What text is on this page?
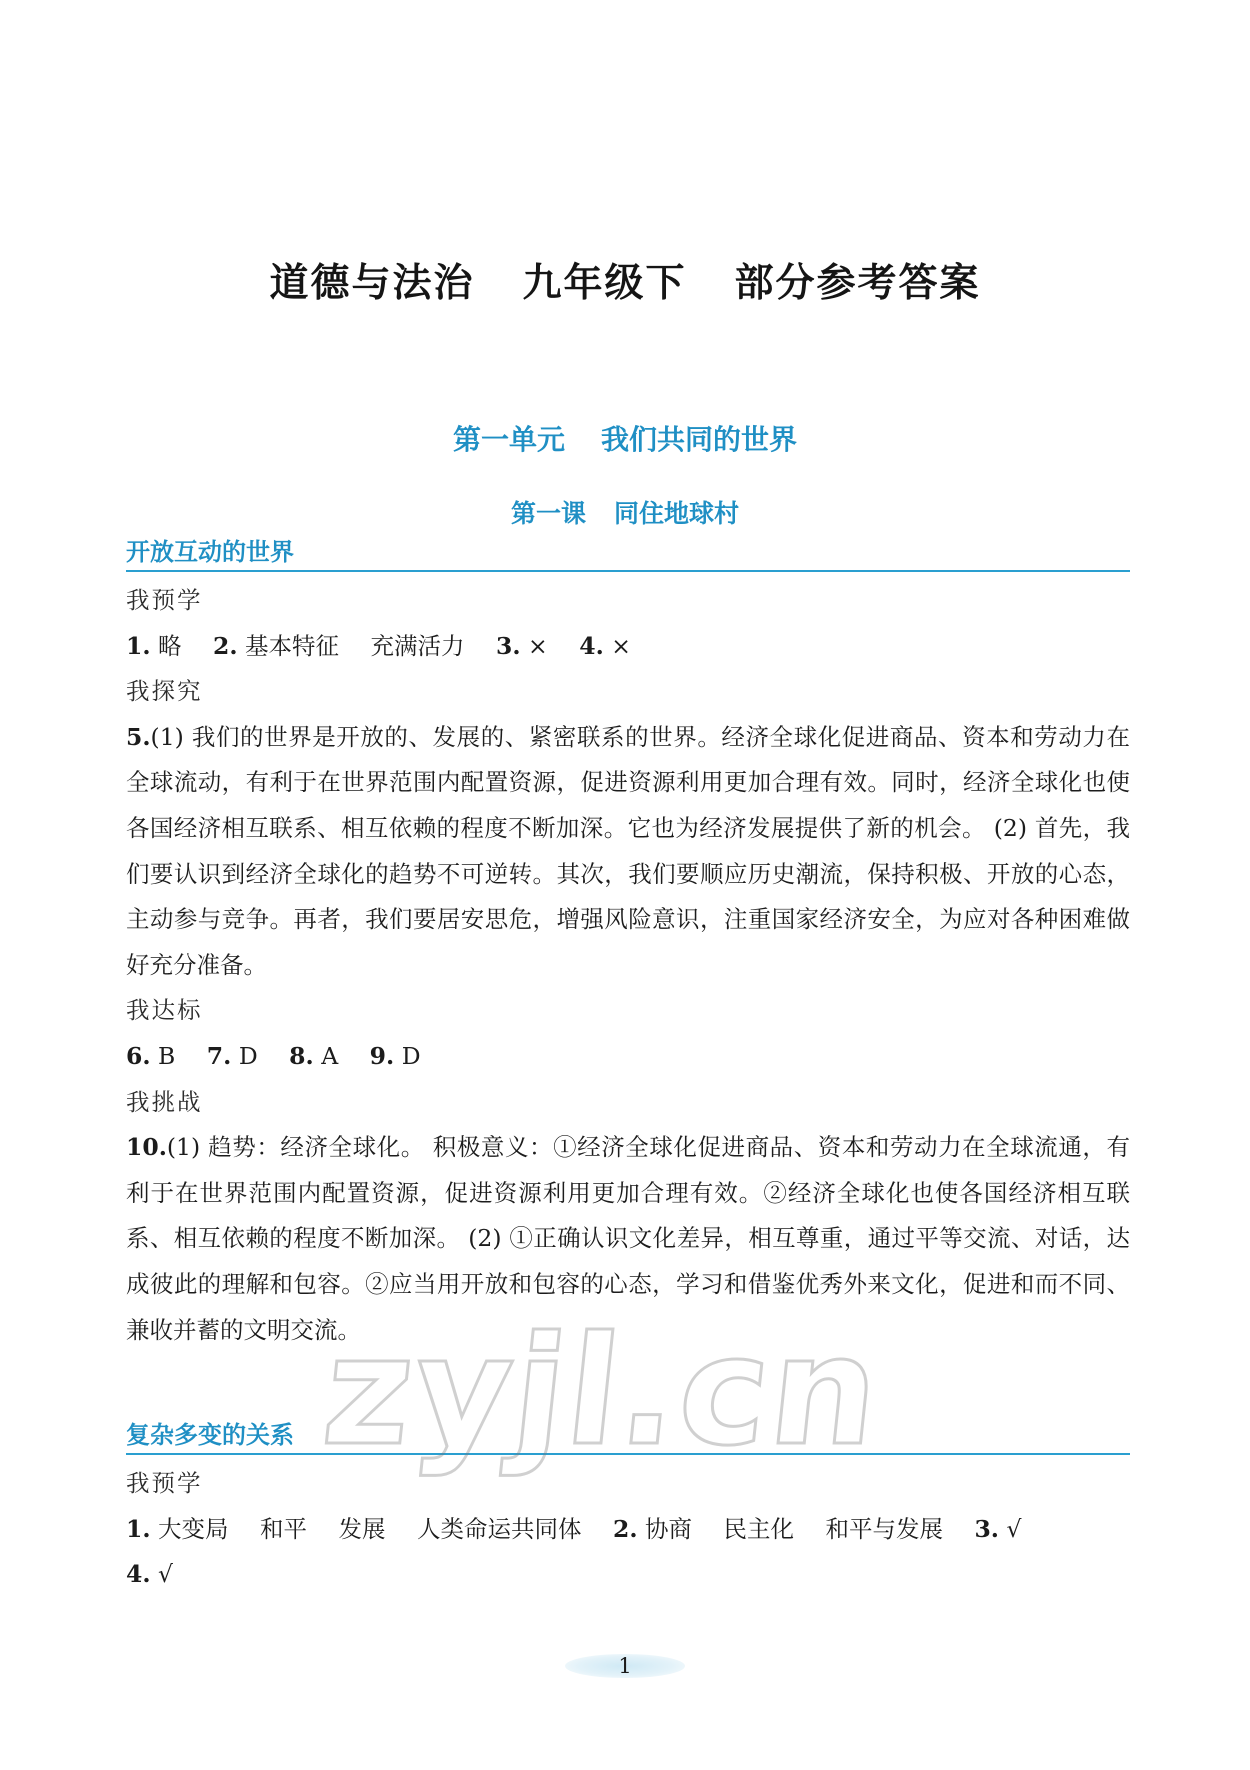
道德与法治 九年级下 部分参考答案
第一单元 我们共同的世界
第一课 同住地球村
开放互动的世界

我预学

1. 略 2. 基本特征 充满活力 3. × 4. ×

我探究

5.(1) 我们的世界是开放的、发展的、紧密联系的世界。经济全球化促进商品、资本和劳动力在全球流动，有利于在世界范围内配置资源，促进资源利用更加合理有效。同时，经济全球化也使各国经济相互联系、相互依赖的程度不断加深。它也为经济发展提供了新的机会。 (2) 首先，我们要认识到经济全球化的趋势不可逆转。其次，我们要顺应历史潮流，保持积极、开放的心态，主动参与竞争。再者，我们要居安思危，增强风险意识，注重国家经济安全，为应对各种困难做好充分准备。

我达标

6. B 7. D 8. A 9. D

我挑战

10.(1) 趋势：经济全球化。 积极意义：①经济全球化促进商品、资本和劳动力在全球流通，有利于在世界范围内配置资源，促进资源利用更加合理有效。②经济全球化也使各国经济相互联系、相互依赖的程度不断加深。 (2) ①正确认识文化差异，相互尊重，通过平等交流、对话，达成彼此的理解和包容。②应当用开放和包容的心态，学习和借鉴优秀外来文化，促进和而不同、兼收并蓄的文明交流。

复杂多变的关系

我预学

1. 大变局 和平 发展 人类命运共同体 2. 协商 民主化 和平与发展 3. √

4. √

zyjl.cn
1
